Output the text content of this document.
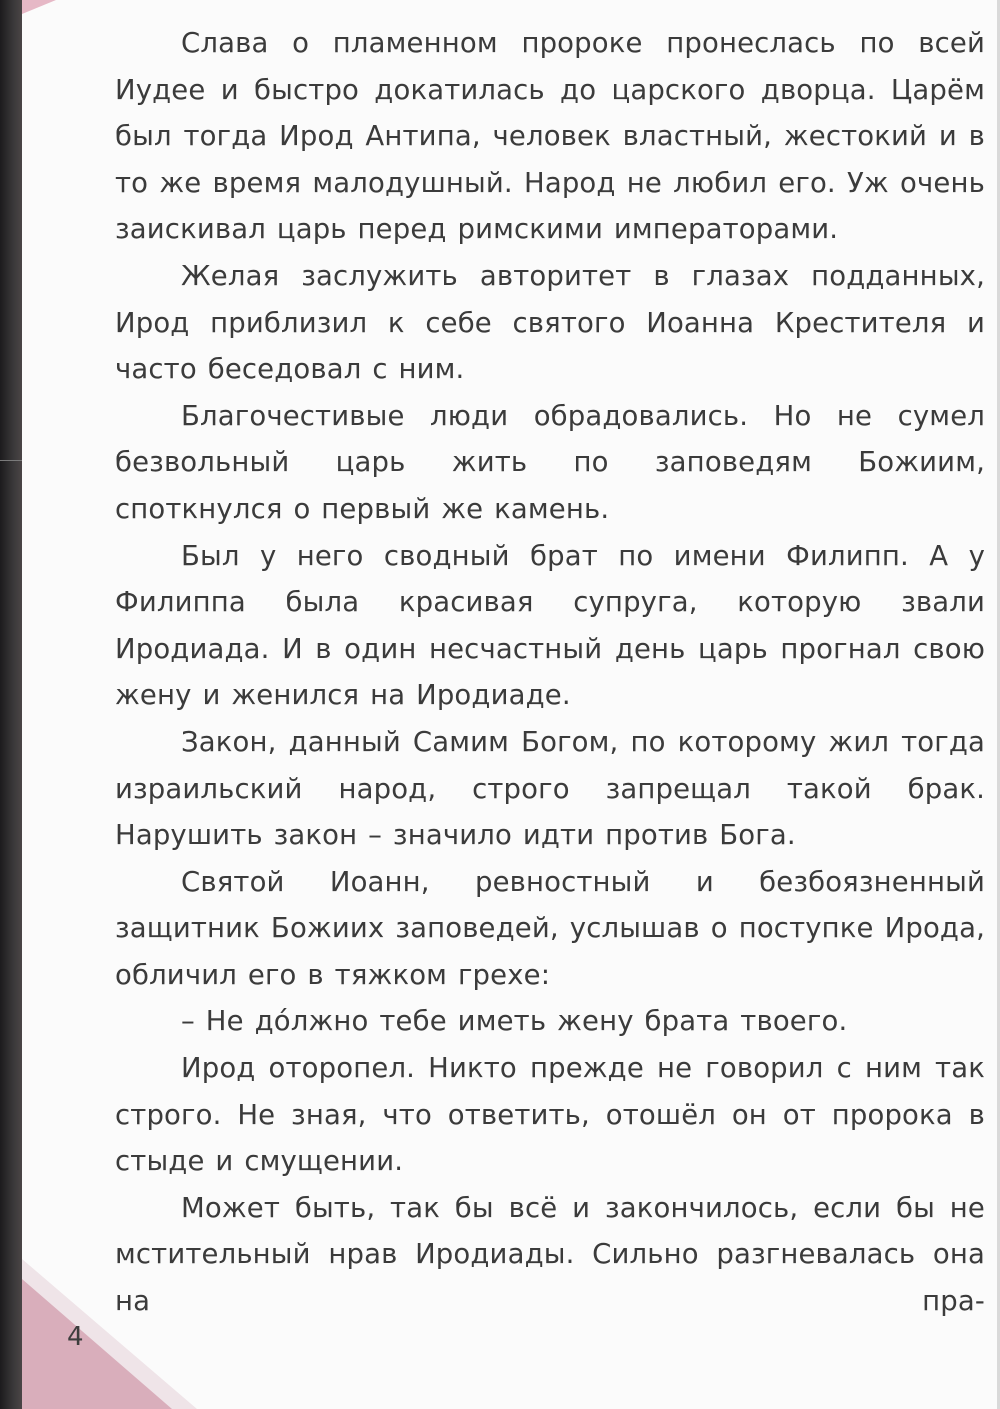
Слава о пламенном пророке пронеслась по всей Иудее и быстро докатилась до царского дворца. Царём был тогда Ирод Антипа, человек властный, жестокий и в то же время малодушный. Народ не любил его. Уж очень заискивал царь перед римскими императорами.

Желая заслужить авторитет в глазах подданных, Ирод приблизил к себе святого Иоанна Крестителя и часто беседовал с ним.

Благочестивые люди обрадовались. Но не сумел безвольный царь жить по заповедям Божиим, споткнулся о первый же камень.

Был у него сводный брат по имени Филипп. А у Филиппа была красивая супруга, которую звали Иродиада. И в один несчастный день царь прогнал свою жену и женился на Иродиаде.

Закон, данный Самим Богом, по которому жил тогда израильский народ, строго запрещал такой брак. Нарушить закон – значило идти против Бога.

Святой Иоанн, ревностный и безбоязненный защитник Божиих заповедей, услышав о поступке Ирода, обличил его в тяжком грехе:

– Не до́лжно тебе иметь жену брата твоего.

Ирод оторопел. Никто прежде не говорил с ним так строго. Не зная, что ответить, отошёл он от пророка в стыде и смущении.

Может быть, так бы всё и закончилось, если бы не мстительный нрав Иродиады. Сильно разгневалась она на пра-

4
